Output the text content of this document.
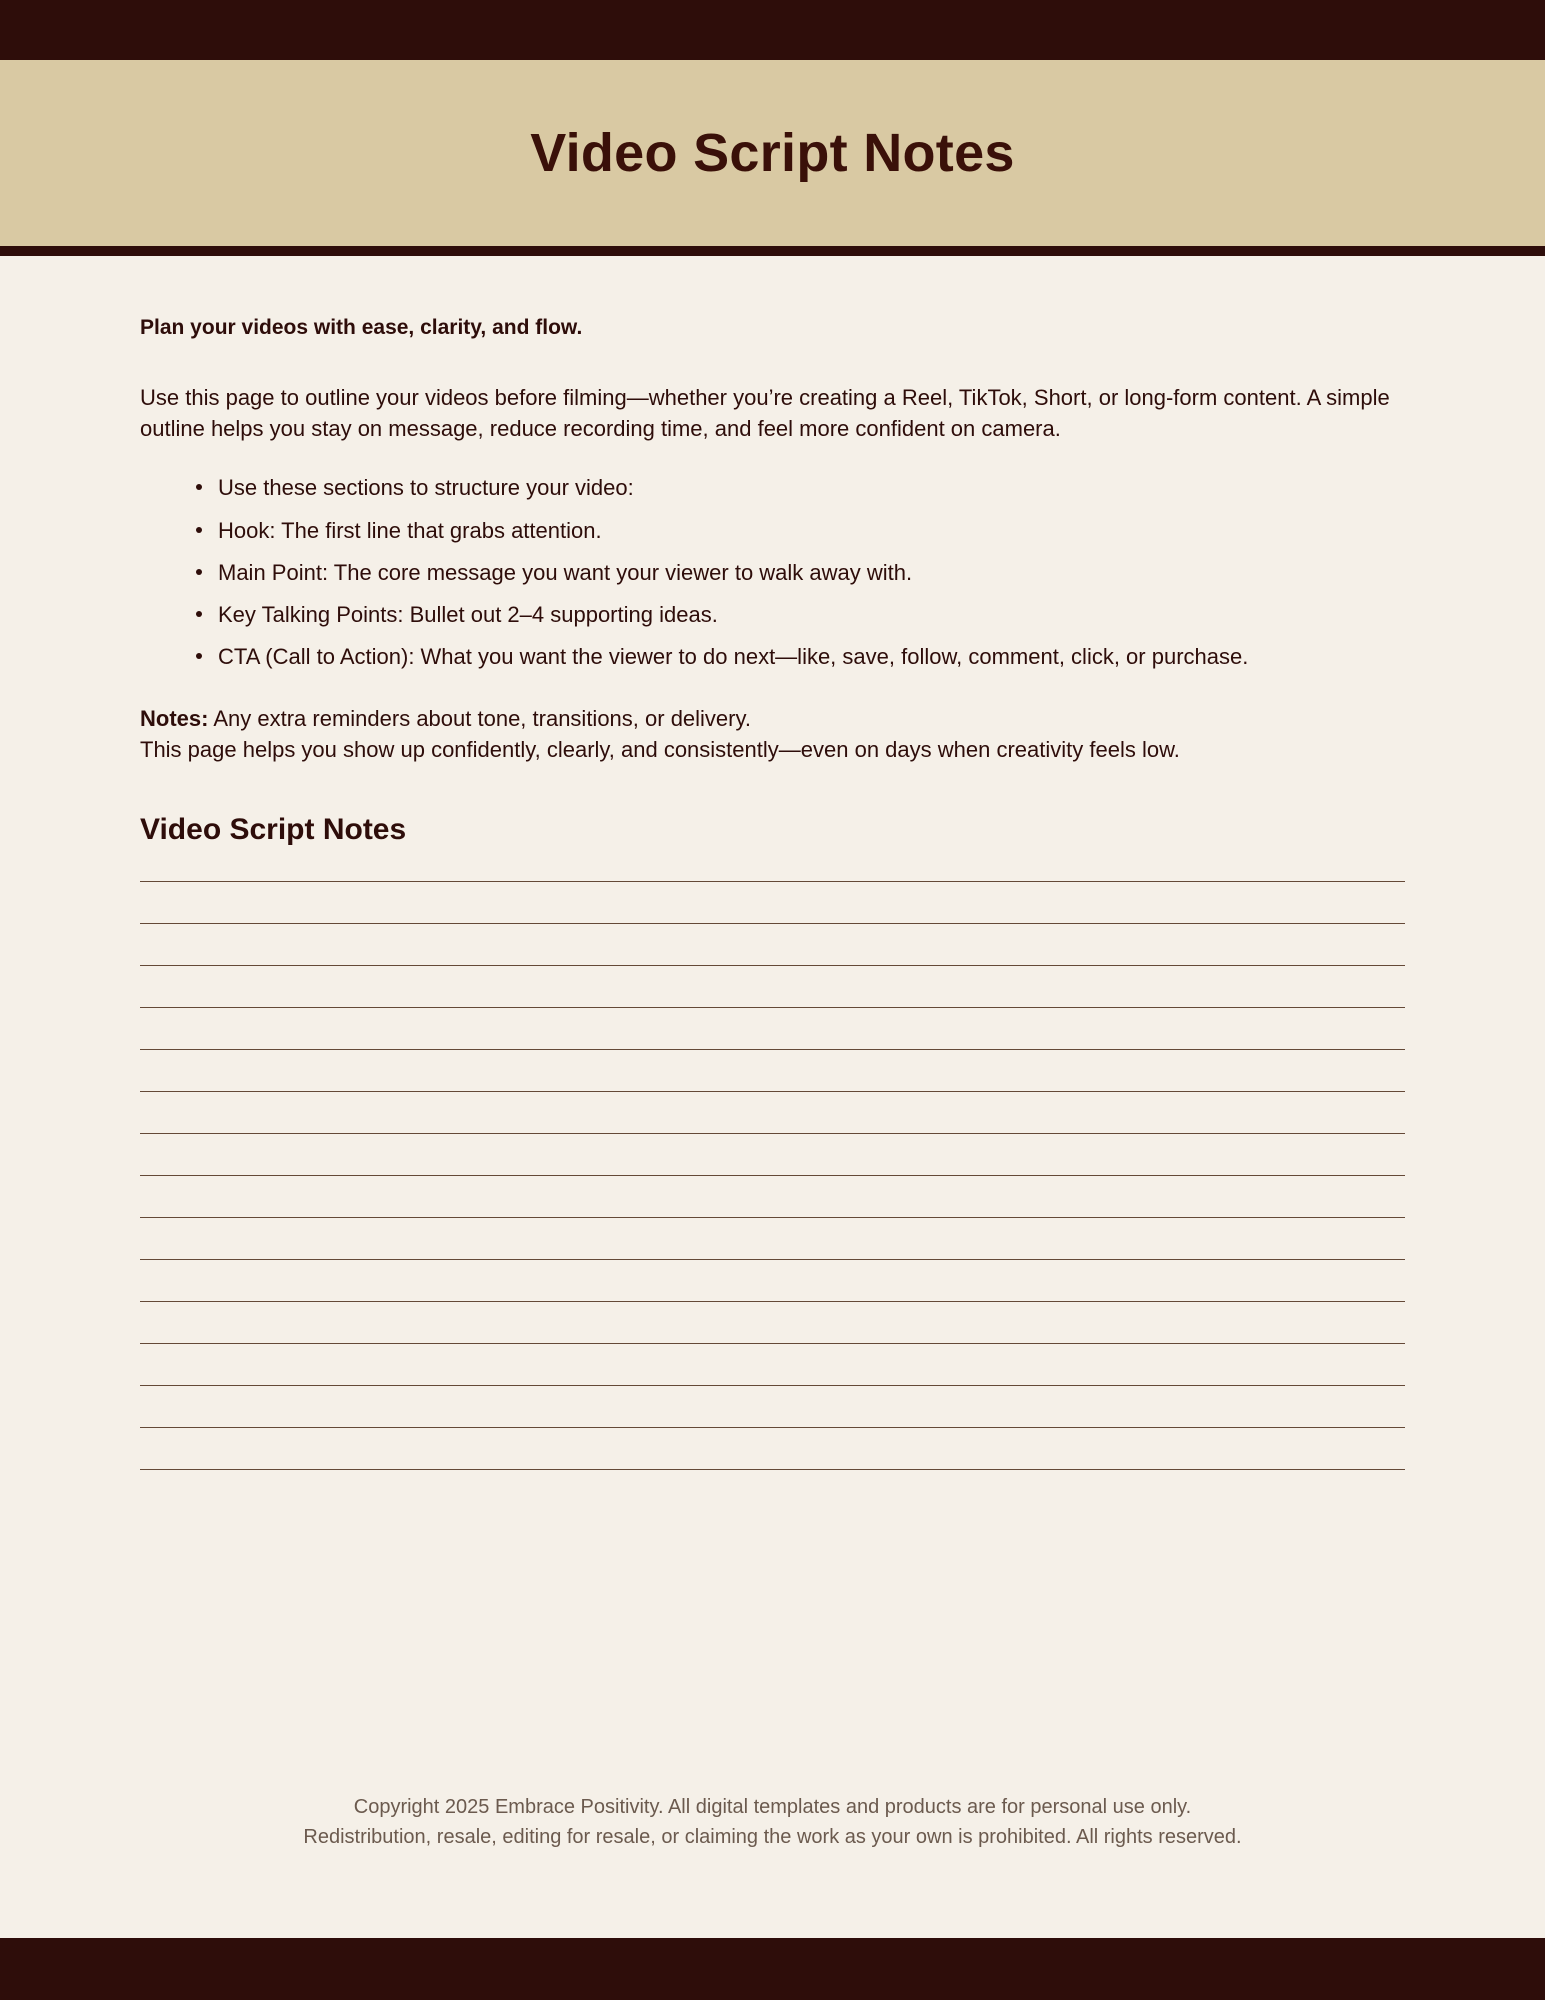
Video Script Notes

Plan your videos with ease, clarity, and flow.

Use this page to outline your videos before filming—whether you’re creating a Reel, TikTok, Short, or long-form content. A simple outline helps you stay on message, reduce recording time, and feel more confident on camera.

Use these sections to structure your video:
Hook: The first line that grabs attention.
Main Point: The core message you want your viewer to walk away with.
Key Talking Points: Bullet out 2–4 supporting ideas.
CTA (Call to Action): What you want the viewer to do next—like, save, follow, comment, click, or purchase.
Notes: Any extra reminders about tone, transitions, or delivery.
This page helps you show up confidently, clearly, and consistently—even on days when creativity feels low.
Video Script Notes
Copyright 2025 Embrace Positivity. All digital templates and products are for personal use only.
Redistribution, resale, editing for resale, or claiming the work as your own is prohibited. All rights reserved.
